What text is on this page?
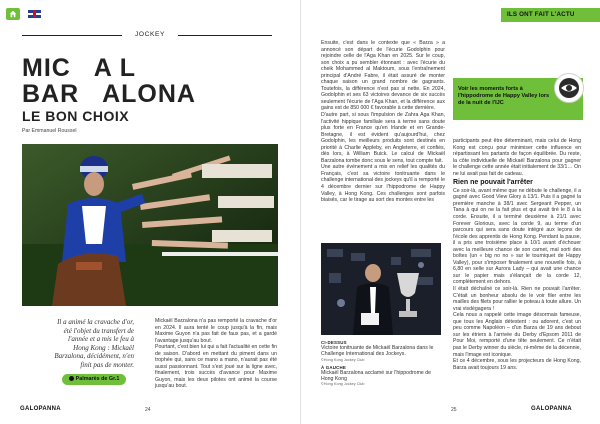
JOCKEY
MIC   A L
BAR   ALONA
LE BON CHOIX
Par Emmanuel Roussel
Il a animé la cravache d'or, été l'objet du transfert de l'année et a mis le feu à Hong Kong : Mickaël Barzalona, décidément, n'en finit pas de monter.
Palmarès de Gr.1

Mickaël Barzalona n'a pas remporté la cravache d'or en 2024. Il aura tenté le coup jusqu'à la fin, mais Maxime Guyon n'a pas fait de faux pas, et a gardé l'avantage jusqu'au bout.

Pourtant, c'est bien lui qui a fait l'actualité en cette fin de saison. D'abord en mettant du piment dans un trophée qui, sans ce mano a mano, n'aurait pas été aussi passionnant. Tout s'est joué sur la ligne avec, finalement, trois succès d'avance pour Maxime Guyon, mais les deux pilotes ont animé la course jusqu'au bout.

GALOPANNA	24
ILS ONT FAIT L'ACTU

Ensuite, c'est dans le contexte que « Barza » a annoncé son départ de l'écurie Godolphin pour rejoindre celle de l'Aga Khan en 2025. Sur le coup, son choix a pu sembler étonnant : avec l'écurie du cheik Mohammed al Maktoum, sous l'entraînement principal d'André Fabre, il était assuré de monter chaque saison un grand nombre de gagnants. Toutefois, la différence n'est pas si nette. En 2024, Godolphin et ses 63 victoires devance de six succès seulement l'écurie de l'Aga Khan, et la différence aux gains est de 850 000 € favorable à cette dernière.

D'autre part, si sous l'impulsion de Zahra Aga Khan, l'activité hippique familiale sera à terme sans doute plus forte en France qu'en Irlande et en Grande-Bretagne, il est évident qu'aujourd'hui, chez Godolphin, les meilleurs produits sont destinés en priorité à Charlie Appleby, en Angleterre, et confiés, dès lors, à William Buick. Le calcul de Mickaël Barzalona tombe donc sous le sens, tout compte fait.

Une autre événement a mis en relief les qualités du Français, c'est sa victoire tonitruante dans le challenge international des jockeys qu'il a remporté le 4 décembre dernier sur l'hippodrome de Happy Valley, à Hong Kong. Ces challenges sont parfois biaisés, car le tirage au sort des montes entre les

Voir les moments forts à l'hippodrome de Happy Valley lors de la nuit de l'IJC
CI-DESSUS
Victoire tonitruante de Mickaël Barzalona dans le Challenge International des Jockeys.
©Hong Kong Jockey Club
À GAUCHE
Mickaël Barzalona acclamé sur l'hippodrome de Hong Kong
©Hong Kong Jockey Club

participants peut être déterminant, mais celui de Hong Kong est conçu pour minimiser cette influence en répartissant les partants de façon équilibrée. Du reste, la côte individuelle de Mickaël Barzalona pour gagner le challenge cette année était initialement de 33/1… On ne lui avait pas fait de cadeau.

Rien ne pouvait l'arrêter

Ce soir-là, avant même que ne débute le challenge, il a gagné avec Good View Glory à 13/1. Puis il a gagné la première manche à 38/1 avec Sergeant Pepper, un Tana à qui on ne la fait plus et qui avait tiré le 8 à la corde. Ensuite, il a terminé deuxième à 21/1 avec Forever Glorious, avec la corde 9, au terme d'un parcours qui sera sans doute intégré aux leçons de l'école des apprentis de Hong Kong. Pendant la pause, il a pris une troisième place à 10/1 avant d'échouer avec la meilleure chance de son carnet, mal sorti des boîtes (un « big no no » sur le tourniquet de Happy Valley), pour s'imposer finalement une nouvelle fois, à 6,80 en selle sur Aurora Lady – qui avait une chance sur le papier mais s'élançait de la corde 12, complètement en dehors.

Il était déchaîné ce soir-là. Rien ne pouvait l'arrêter. C'était un bonheur absolu de le voir filer entre les mailles des filets pour rallier le poteau à toute allure. Un vrai visdégagera !

Cela nous a rappelé cette image désormais fameuse, que tous les Anglais détestent : ou adorent, c'est un peu comme Napoléon – d'un Barza de 19 ans debout sur les étriers à l'arrivée du Derby d'Epsom 2011 de Pour Moi, remporté d'une tête seulement. Ce n'était pas le Derby winner du siècle, ni-même de la décennie, mais l'image est iconique.

Et ce 4 décembre, sous les projecteurs de Hong Kong, Barza avait toujours 19 ans.

25	GALOPANNA
